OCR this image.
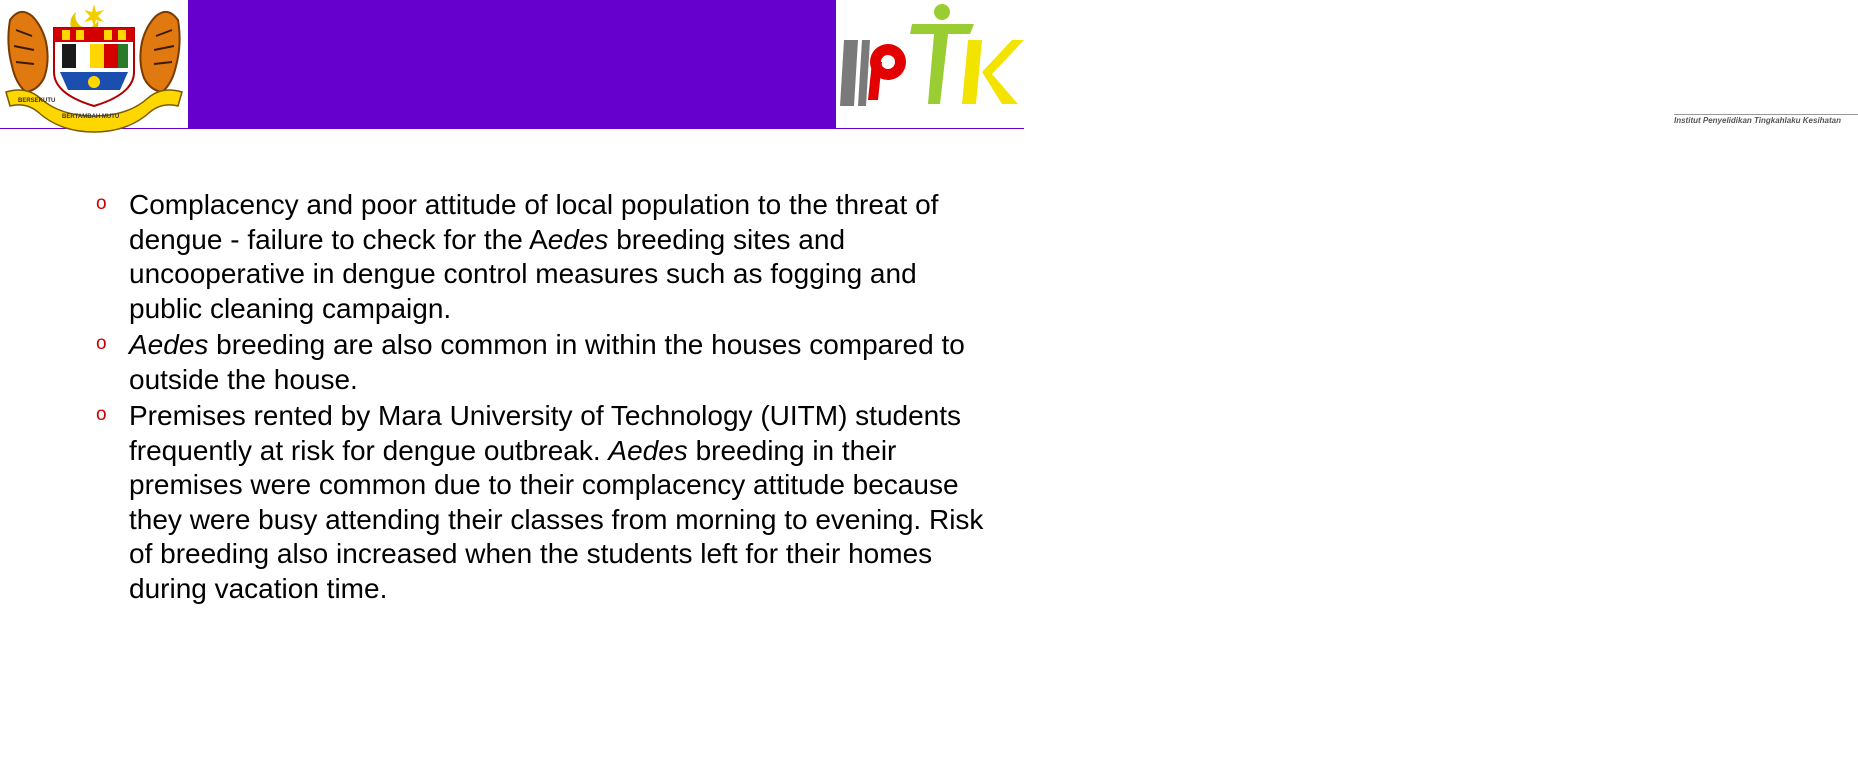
BERSEKUTU
BERTAMBAH MUTU	Institut Penyelidikan Tingkahlaku Kesihatan
o Complacency and poor attitude of local population to the threat of dengue - failure to check for the Aedes breeding sites and uncooperative in dengue control measures such as fogging and public cleaning campaign.
o Aedes breeding are also common in within the houses compared to outside the house.
o Premises rented by Mara University of Technology (UITM) students frequently at risk for dengue outbreak. Aedes breeding in their premises were common due to their complacency attitude because they were busy attending their classes from morning to evening. Risk of breeding also increased when the students left for their homes during vacation time.
